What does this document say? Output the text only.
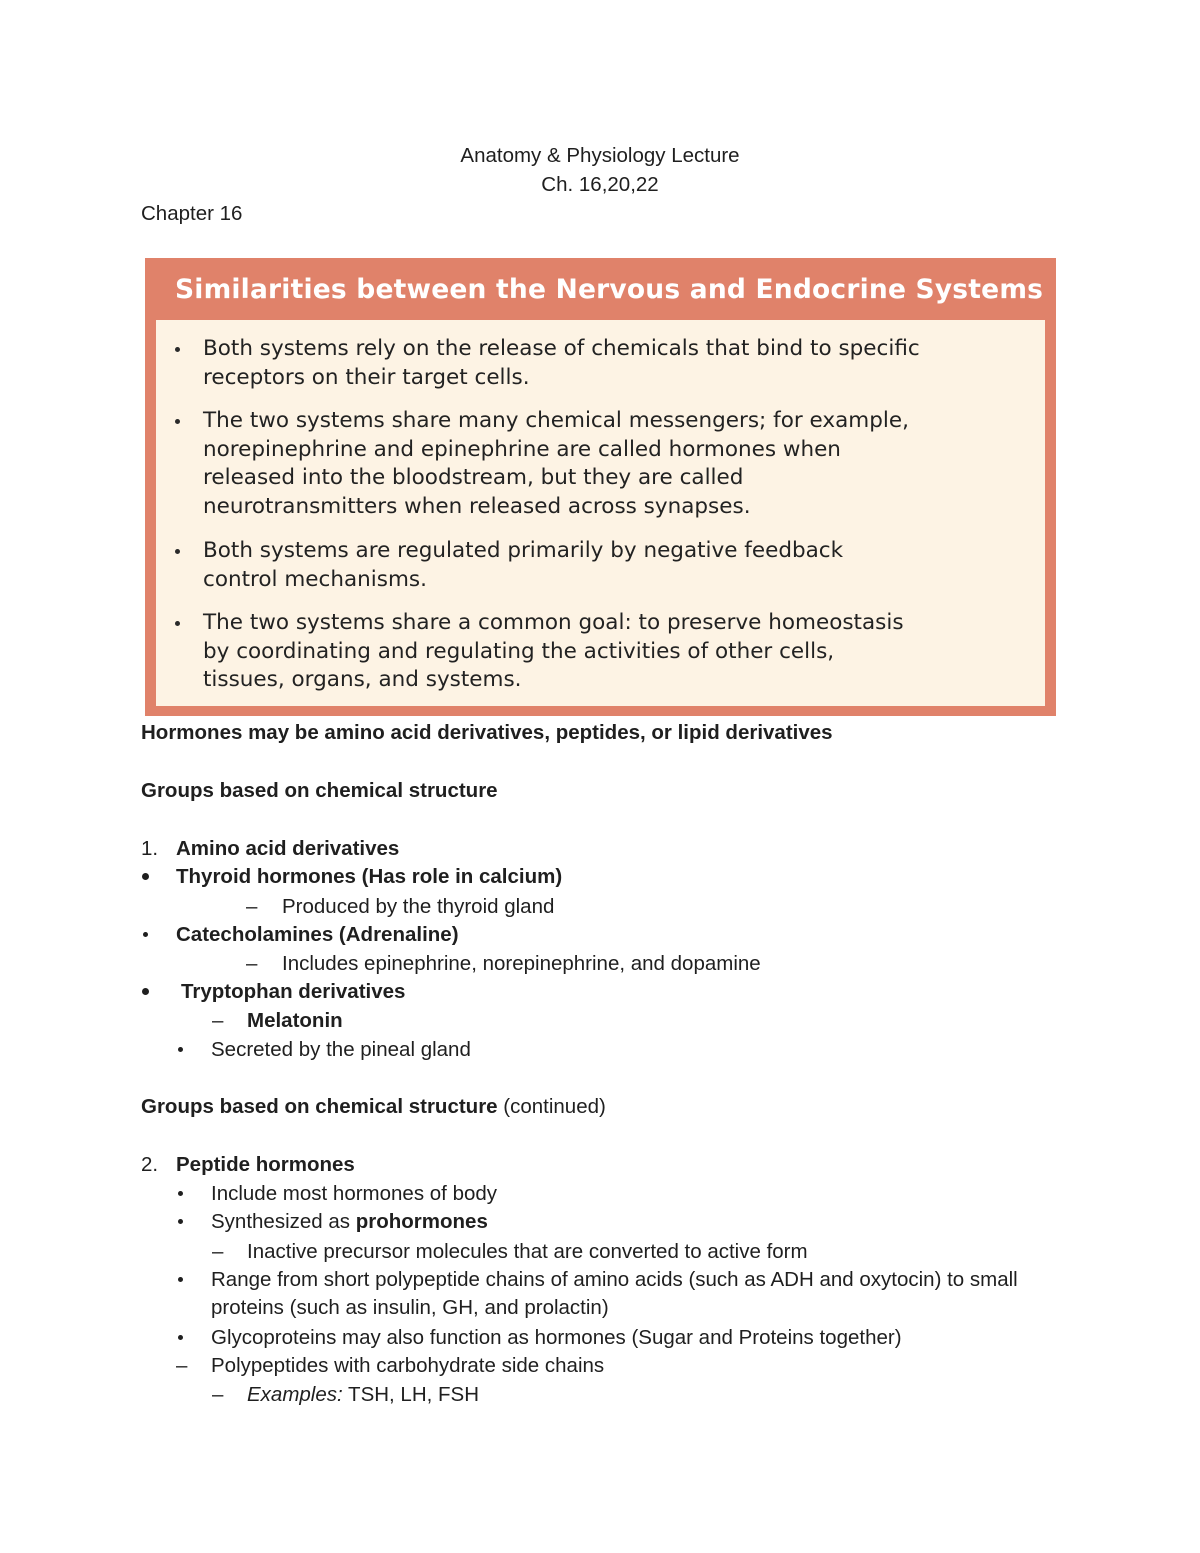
Anatomy & Physiology Lecture
Ch. 16,20,22
Chapter 16
Similarities between the Nervous and Endocrine Systems
Both systems rely on the release of chemicals that bind to specific
receptors on their target cells.
The two systems share many chemical messengers; for example,
norepinephrine and epinephrine are called hormones when
released into the bloodstream, but they are called
neurotransmitters when released across synapses.
Both systems are regulated primarily by negative feedback
control mechanisms.
The two systems share a common goal: to preserve homeostasis
by coordinating and regulating the activities of other cells,
tissues, organs, and systems.
Hormones may be amino acid derivatives, peptides, or lipid derivatives
Groups based on chemical structure
1. Amino acid derivatives
Thyroid hormones (Has role in calcium)
– Produced by the thyroid gland
Catecholamines (Adrenaline)
– Includes epinephrine, norepinephrine, and dopamine
Tryptophan derivatives
– Melatonin
Secreted by the pineal gland
Groups based on chemical structure (continued)
2. Peptide hormones
Include most hormones of body
Synthesized as prohormones
– Inactive precursor molecules that are converted to active form
Range from short polypeptide chains of amino acids (such as ADH and oxytocin) to small
proteins (such as insulin, GH, and prolactin)
Glycoproteins may also function as hormones (Sugar and Proteins together)
– Polypeptides with carbohydrate side chains
– Examples: TSH, LH, FSH
